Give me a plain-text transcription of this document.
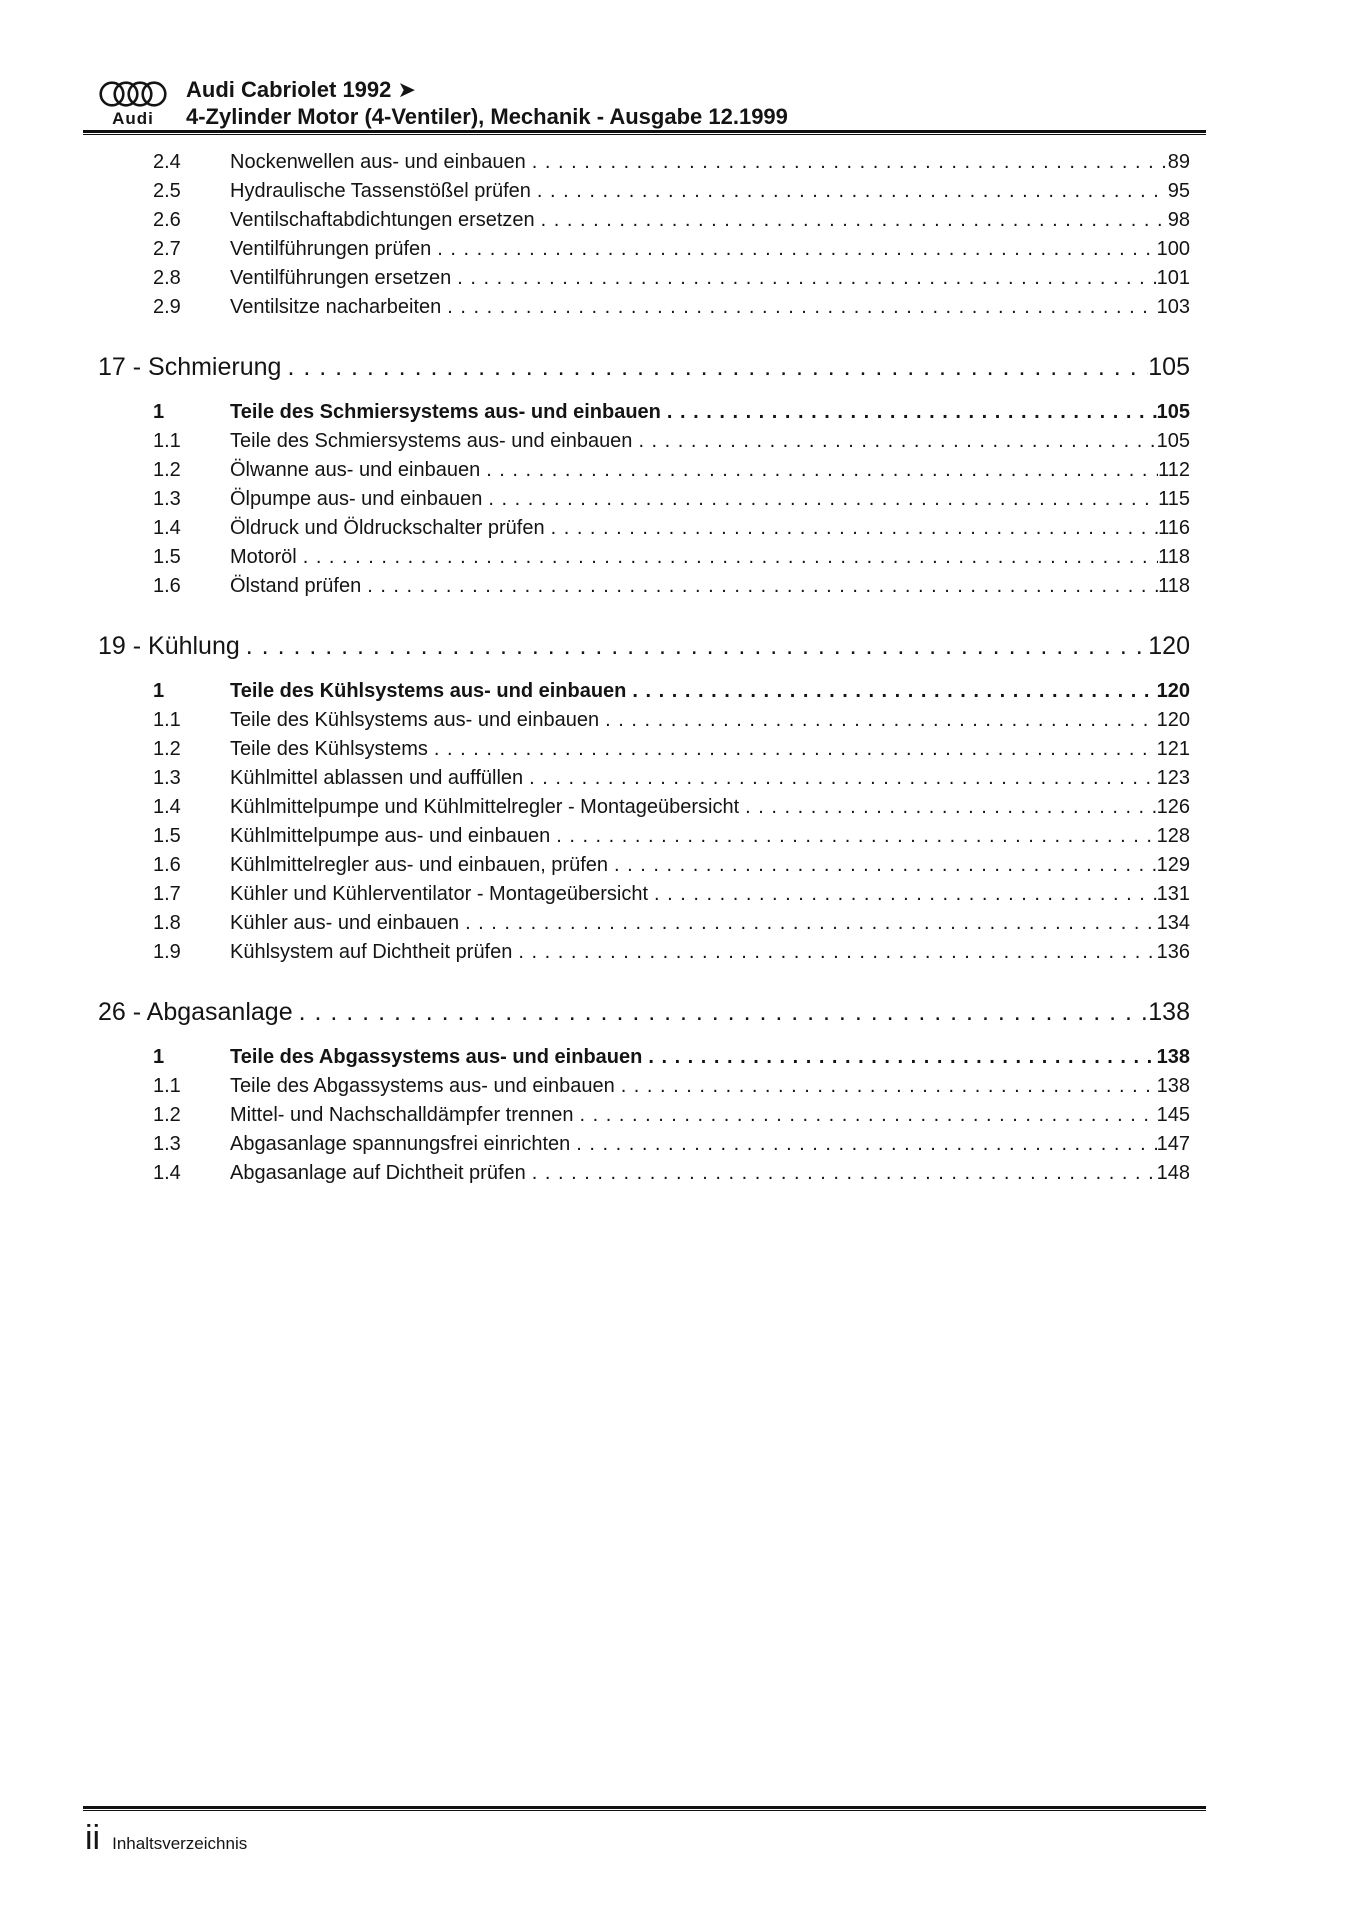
Audi
Audi Cabriolet 1992 ➤
4-Zylinder Motor (4-Ventiler), Mechanik - Ausgabe 12.1999
2.4	Nockenwellen aus- und einbauen . . .	89
2.5	Hydraulische Tassenstößel prüfen . . .	95
2.6	Ventilschaftabdichtungen ersetzen . . .	98
2.7	Ventilführungen prüfen . . .	100
2.8	Ventilführungen ersetzen . . .	101
2.9	Ventilsitze nacharbeiten . . .	103
17 - Schmierung . . .	105
1	Teile des Schmiersystems aus- und einbauen . . .	105
1.1	Teile des Schmiersystems aus- und einbauen . . .	105
1.2	Ölwanne aus- und einbauen . . .	112
1.3	Ölpumpe aus- und einbauen . . .	115
1.4	Öldruck und Öldruckschalter prüfen . . .	116
1.5	Motoröl . . .	118
1.6	Ölstand prüfen . . .	118
19 - Kühlung . . .	120
1	Teile des Kühlsystems aus- und einbauen . . .	120
1.1	Teile des Kühlsystems aus- und einbauen . . .	120
1.2	Teile des Kühlsystems . . .	121
1.3	Kühlmittel ablassen und auffüllen . . .	123
1.4	Kühlmittelpumpe und Kühlmittelregler - Montageübersicht . . .	126
1.5	Kühlmittelpumpe aus- und einbauen . . .	128
1.6	Kühlmittelregler aus- und einbauen, prüfen . . .	129
1.7	Kühler und Kühlerventilator - Montageübersicht . . .	131
1.8	Kühler aus- und einbauen . . .	134
1.9	Kühlsystem auf Dichtheit prüfen . . .	136
26 - Abgasanlage . . .	138
1	Teile des Abgassystems aus- und einbauen . . .	138
1.1	Teile des Abgassystems aus- und einbauen . . .	138
1.2	Mittel- und Nachschalldämpfer trennen . . .	145
1.3	Abgasanlage spannungsfrei einrichten . . .	147
1.4	Abgasanlage auf Dichtheit prüfen . . .	148
ii Inhaltsverzeichnis
